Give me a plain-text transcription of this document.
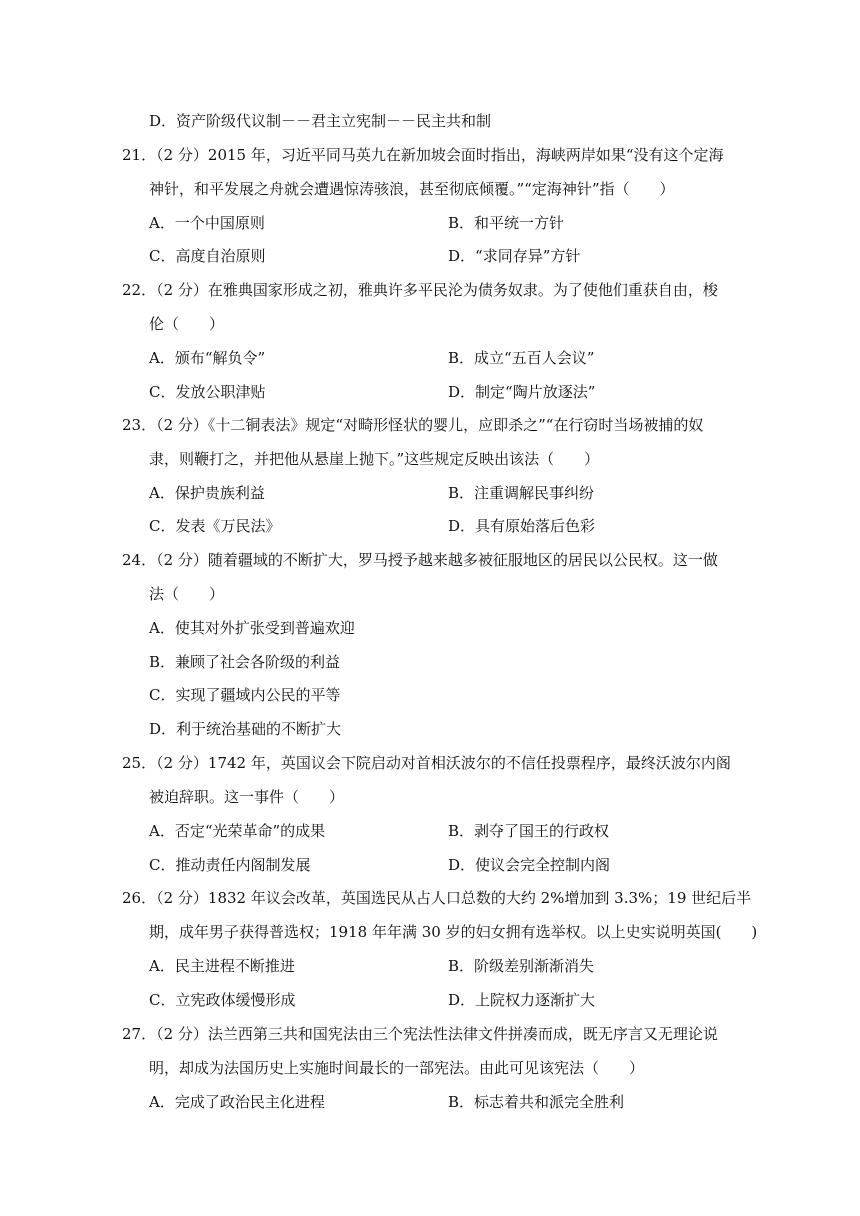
D．资产阶级代议制－－君主立宪制－－民主共和制
21．（2 分）2015 年，习近平同马英九在新加坡会面时指出，海峡两岸如果“没有这个定海
神针，和平发展之舟就会遭遇惊涛骇浪，甚至彻底倾覆。”“定海神针”指（　　）
A．一个中国原则	B．和平统一方针
C．高度自治原则	D．“求同存异”方针
22．（2 分）在雅典国家形成之初，雅典许多平民沦为债务奴隶。为了使他们重获自由，梭
伦（　　）
A．颁布“解负令”	B．成立“五百人会议”
C．发放公职津贴	D．制定“陶片放逐法”
23．（2 分）《十二铜表法》规定“对畸形怪状的婴儿，应即杀之”“在行窃时当场被捕的奴
隶，则鞭打之，并把他从悬崖上抛下。”这些规定反映出该法（　　）
A．保护贵族利益	B．注重调解民事纠纷
C．发表《万民法》	D．具有原始落后色彩
24．（2 分）随着疆域的不断扩大，罗马授予越来越多被征服地区的居民以公民权。这一做
法（　　）
A．使其对外扩张受到普遍欢迎
B．兼顾了社会各阶级的利益
C．实现了疆域内公民的平等
D．利于统治基础的不断扩大
25．（2 分）1742 年，英国议会下院启动对首相沃波尔的不信任投票程序，最终沃波尔内阁
被迫辞职。这一事件（　　）
A．否定“光荣革命”的成果	B．剥夺了国王的行政权
C．推动责任内阁制发展	D．使议会完全控制内阁
26．（2 分）1832 年议会改革，英国选民从占人口总数的大约 2%增加到 3.3%；19 世纪后半
期，成年男子获得普选权；1918 年年满 30 岁的妇女拥有选举权。以上史实说明英国(　　)
A．民主进程不断推进	B．阶级差别渐渐消失
C．立宪政体缓慢形成	D．上院权力逐渐扩大
27．（2 分）法兰西第三共和国宪法由三个宪法性法律文件拼凑而成，既无序言又无理论说
明，却成为法国历史上实施时间最长的一部宪法。由此可见该宪法（　　）
A．完成了政治民主化进程	B．标志着共和派完全胜利
